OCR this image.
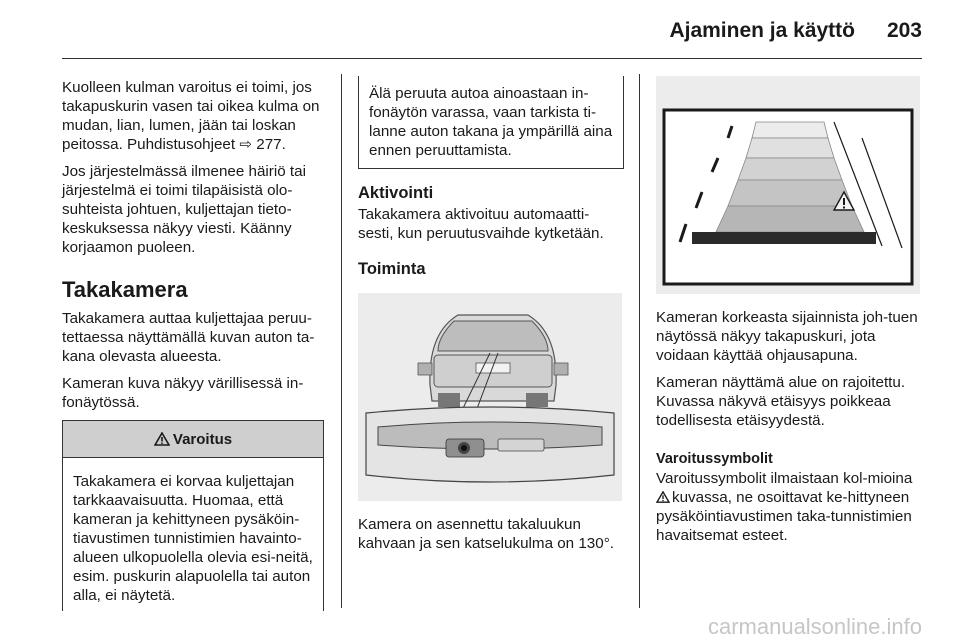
Ajaminen ja käyttö 203

Kuolleen kulman varoitus ei toimi, jos takapuskurin vasen tai oikea kulma on mudan, lian, lumen, jään tai loskan peitossa. Puhdistusohjeet ⇨ 277.

Jos järjestelmässä ilmenee häiriö tai järjestelmä ei toimi tilapäisistä olo-suhteista johtuen, kuljettajan tieto-keskuksessa näkyy viesti. Käänny korjaamon puoleen.

Takakamera

Takakamera auttaa kuljettajaa peruu-tettaessa näyttämällä kuvan auton ta-kana olevasta alueesta.

Kameran kuva näkyy värillisessä in-fonäytössä.

Varoitus
Takakamera ei korvaa kuljettajan tarkkaavaisuutta. Huomaa, että kameran ja kehittyneen pysäköin-tiavustimen tunnistimien havainto-alueen ulkopuolella olevia esi-neitä, esim. puskurin alapuolella tai auton alla, ei näytetä.
Älä peruuta autoa ainoastaan in-fonäytön varassa, vaan tarkista ti-lanne auton takana ja ympärillä aina ennen peruuttamista.
Aktivointi

Takakamera aktivoituu automaatti-sesti, kun peruutusvaihde kytketään.

Toiminta

Kamera on asennettu takaluukun kahvaan ja sen katselukulma on 130°.

Kameran korkeasta sijainnista joh-tuen näytössä näkyy takapuskuri, jota voidaan käyttää ohjausapuna.

Kameran näyttämä alue on rajoitettu. Kuvassa näkyvä etäisyys poikkeaa todellisesta etäisyydestä.

Varoitussymbolit

Varoitussymbolit ilmaistaan kol-mioina kuvassa, ne osoittavat ke-hittyneen pysäköintiavustimen taka-tunnistimien havaitsemat esteet.

carmanualsonline.info
